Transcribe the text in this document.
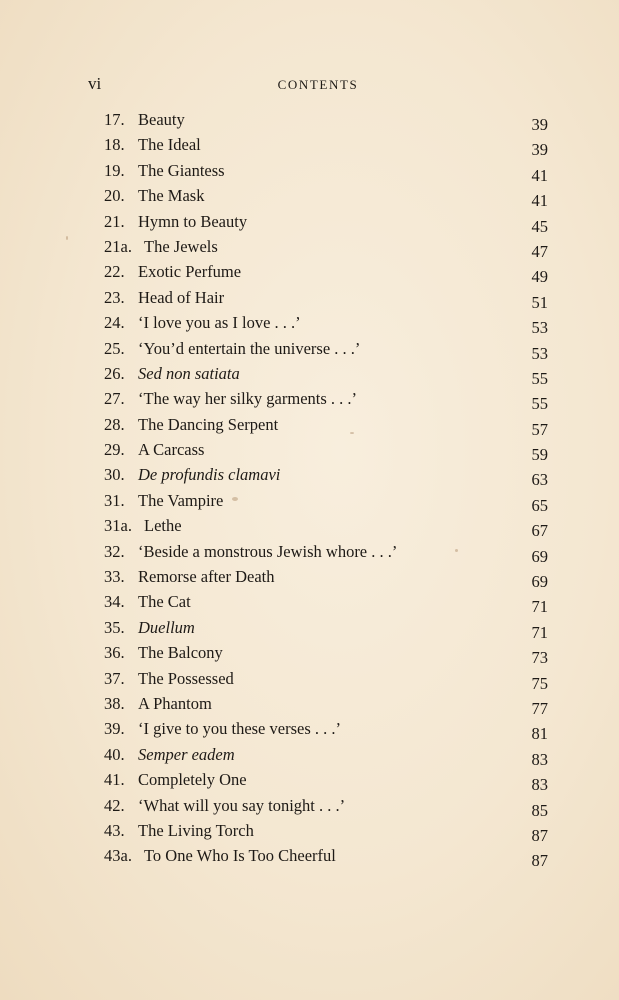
vi	CONTENTS
17. Beauty	39
18. The Ideal	39
19. The Giantess	41
20. The Mask	41
21. Hymn to Beauty	45
21a. The Jewels	47
22. Exotic Perfume	49
23. Head of Hair	51
24. ‘I love you as I love . . .’	53
25. ‘You’d entertain the universe . . .’	53
26. Sed non satiata	55
27. ‘The way her silky garments . . .’	55
28. The Dancing Serpent	57
29. A Carcass	59
30. De profundis clamavi	63
31. The Vampire	65
31a. Lethe	67
32. ‘Beside a monstrous Jewish whore . . .’	69
33. Remorse after Death	69
34. The Cat	71
35. Duellum	71
36. The Balcony	73
37. The Possessed	75
38. A Phantom	77
39. ‘I give to you these verses . . .’	81
40. Semper eadem	83
41. Completely One	83
42. ‘What will you say tonight . . .’	85
43. The Living Torch	87
43a. To One Who Is Too Cheerful	87
